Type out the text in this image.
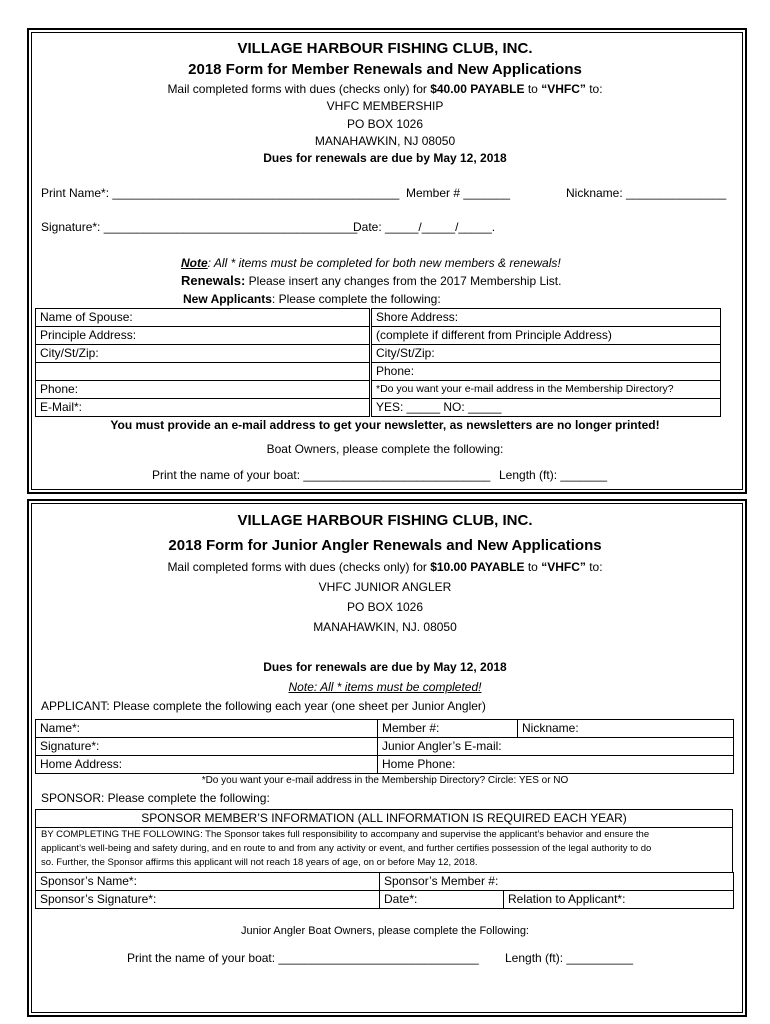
VILLAGE HARBOUR FISHING CLUB, INC.
2018 Form for Member Renewals and New Applications
Mail completed forms with dues (checks only) for $40.00 PAYABLE to “VHFC” to:
VHFC MEMBERSHIP
PO BOX 1026
MANAHAWKIN, NJ 08050
Dues for renewals are due by May 12, 2018
Print Name*: ___________________________________________ Member # _______	Nickname: _______________
Signature*: ______________________________________
Date: _____/_____/_____.
Note: All * items must be completed for both new members & renewals!
Renewals: Please insert any changes from the 2017 Membership List.
New Applicants: Please complete the following:
Name of Spouse:	Shore Address:
Principle Address:	(complete if different from Principle Address)
City/St/Zip:	City/St/Zip:
	Phone:
Phone:	*Do you want your e-mail address in the Membership Directory?
E-Mail*:	YES: _____ NO: _____
You must provide an e-mail address to get your newsletter, as newsletters are no longer printed!
Boat Owners, please complete the following:
Print the name of your boat: ____________________________ Length (ft): _______
VILLAGE HARBOUR FISHING CLUB, INC.
2018 Form for Junior Angler Renewals and New Applications
Mail completed forms with dues (checks only) for $10.00 PAYABLE to “VHFC” to:
VHFC JUNIOR ANGLER
PO BOX 1026
MANAHAWKIN, NJ. 08050
Dues for renewals are due by May 12, 2018
Note: All * items must be completed!
APPLICANT: Please complete the following each year (one sheet per Junior Angler)
Name*:	Member #:	Nickname:
Signature*:	Junior Angler’s E-mail:	
Home Address:	Home Phone:	
*Do you want your e-mail address in the Membership Directory? Circle: YES or NO
SPONSOR: Please complete the following:
SPONSOR MEMBER’S INFORMATION (ALL INFORMATION IS REQUIRED EACH YEAR)
BY COMPLETING THE FOLLOWING: The Sponsor takes full responsibility to accompany and supervise the applicant’s behavior and ensure the
applicant’s well-being and safety during, and en route to and from any activity or event, and further certifies possession of the legal authority to do
so. Further, the Sponsor affirms this applicant will not reach 18 years of age, on or before May 12, 2018.
Sponsor’s Name*:	Sponsor’s Member #:	
Sponsor’s Signature*:	Date*:	Relation to Applicant*:
Junior Angler Boat Owners, please complete the Following:
Print the name of your boat: ______________________________ Length (ft): __________
